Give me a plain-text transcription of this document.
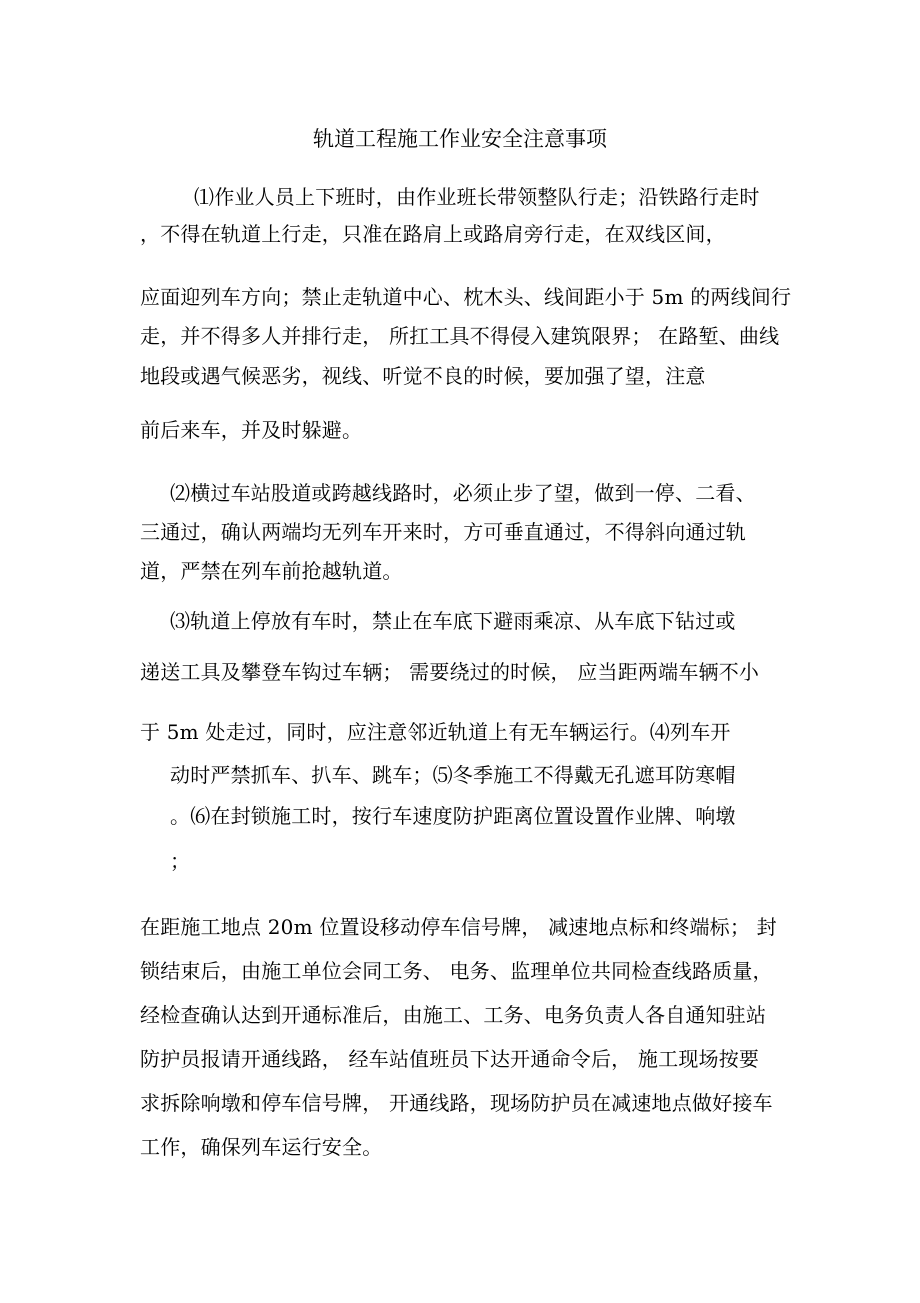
轨道工程施工作业安全注意事项
⑴作业人员上下班时，由作业班长带领整队行走；沿铁路行走时
，不得在轨道上行走，只准在路肩上或路肩旁行走，在双线区间，
应面迎列车方向；禁止走轨道中心、枕木头、线间距小于 5m 的两线间行
走，并不得多人并排行走， 所扛工具不得侵入建筑限界； 在路堑、曲线
地段或遇气候恶劣，视线、听觉不良的时候，要加强了望，注意
前后来车，并及时躲避。
⑵横过车站股道或跨越线路时，必须止步了望，做到一停、二看、
三通过，确认两端均无列车开来时，方可垂直通过，不得斜向通过轨
道，严禁在列车前抢越轨道。
⑶轨道上停放有车时，禁止在车底下避雨乘凉、从车底下钻过或
递送工具及攀登车钩过车辆； 需要绕过的时候， 应当距两端车辆不小
于 5m 处走过，同时，应注意邻近轨道上有无车辆运行。⑷列车开
动时严禁抓车、扒车、跳车；⑸冬季施工不得戴无孔遮耳防寒帽
。⑹在封锁施工时，按行车速度防护距离位置设置作业牌、响墩
；
在距施工地点 20m 位置设移动停车信号牌， 减速地点标和终端标； 封
锁结束后，由施工单位会同工务、 电务、监理单位共同检查线路质量，
经检查确认达到开通标准后，由施工、工务、电务负责人各自通知驻站
防护员报请开通线路， 经车站值班员下达开通命令后， 施工现场按要
求拆除响墩和停车信号牌， 开通线路，现场防护员在减速地点做好接车
工作，确保列车运行安全。
